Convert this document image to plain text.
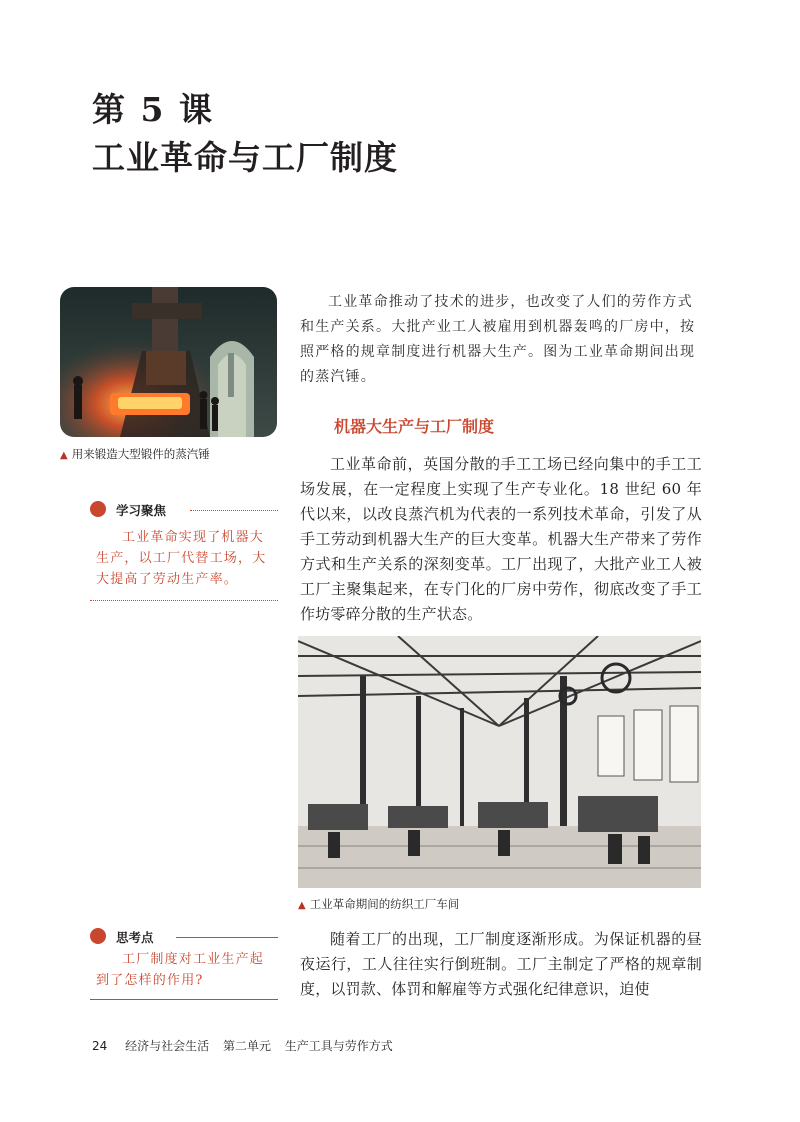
第 5 课
工业革命与工厂制度
▲ 用来锻造大型锻件的蒸汽锤
工业革命推动了技术的进步，也改变了人们的劳作方式和生产关系。大批产业工人被雇用到机器轰鸣的厂房中，按照严格的规章制度进行机器大生产。图为工业革命期间出现的蒸汽锤。
机器大生产与工厂制度
学习聚焦
工业革命实现了机器大生产，以工厂代替工场，大大提高了劳动生产率。
工业革命前，英国分散的手工工场已经向集中的手工工场发展，在一定程度上实现了生产专业化。18 世纪 60 年代以来，以改良蒸汽机为代表的一系列技术革命，引发了从手工劳动到机器大生产的巨大变革。机器大生产带来了劳作方式和生产关系的深刻变革。工厂出现了，大批产业工人被工厂主聚集起来，在专门化的厂房中劳作，彻底改变了手工作坊零碎分散的生产状态。
▲ 工业革命期间的纺织工厂车间
思考点
工厂制度对工业生产起到了怎样的作用?
随着工厂的出现，工厂制度逐渐形成。为保证机器的昼夜运行，工人往往实行倒班制。工厂主制定了严格的规章制度，以罚款、体罚和解雇等方式强化纪律意识，迫使
24 经济与社会生活 第二单元 生产工具与劳作方式
